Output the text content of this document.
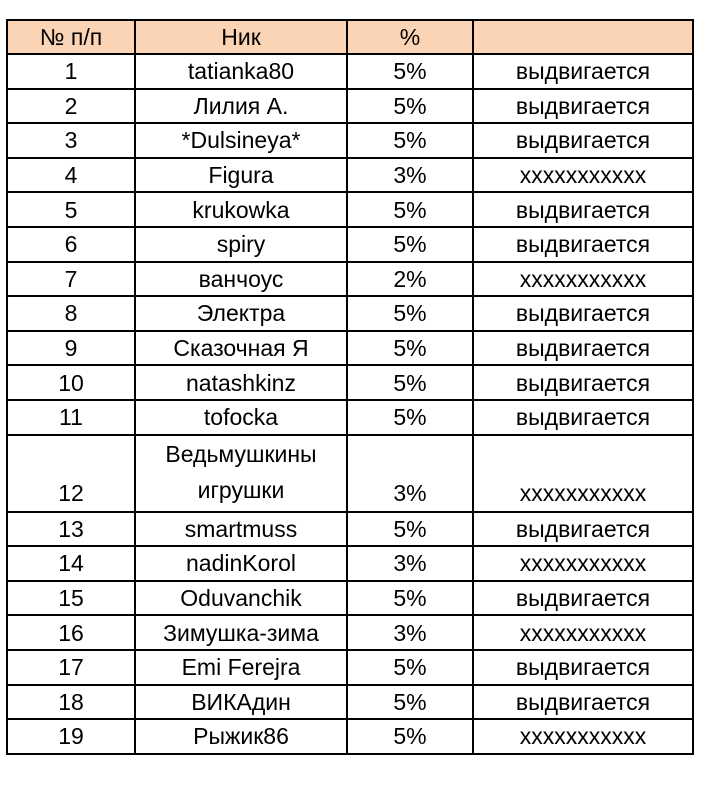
№ п/п	Ник	%	
1	tatianka80	5%	выдвигается
2	Лилия А.	5%	выдвигается
3	*Dulsineya*	5%	выдвигается
4	Figura	3%	ххххххххххх
5	krukowka	5%	выдвигается
6	spiry	5%	выдвигается
7	ванчоус	2%	ххххххххххх
8	Электра	5%	выдвигается
9	Сказочная Я	5%	выдвигается
10	natashkinz	5%	выдвигается
11	tofocka	5%	выдвигается
12	Ведьмушкины игрушки	3%	ххххххххххх
13	smartmuss	5%	выдвигается
14	nadinKorol	3%	ххххххххххх
15	Oduvanchik	5%	выдвигается
16	Зимушка-зима	3%	ххххххххххх
17	Emi Ferejra	5%	выдвигается
18	ВИКАдин	5%	выдвигается
19	Рыжик86	5%	ххххххххххх
